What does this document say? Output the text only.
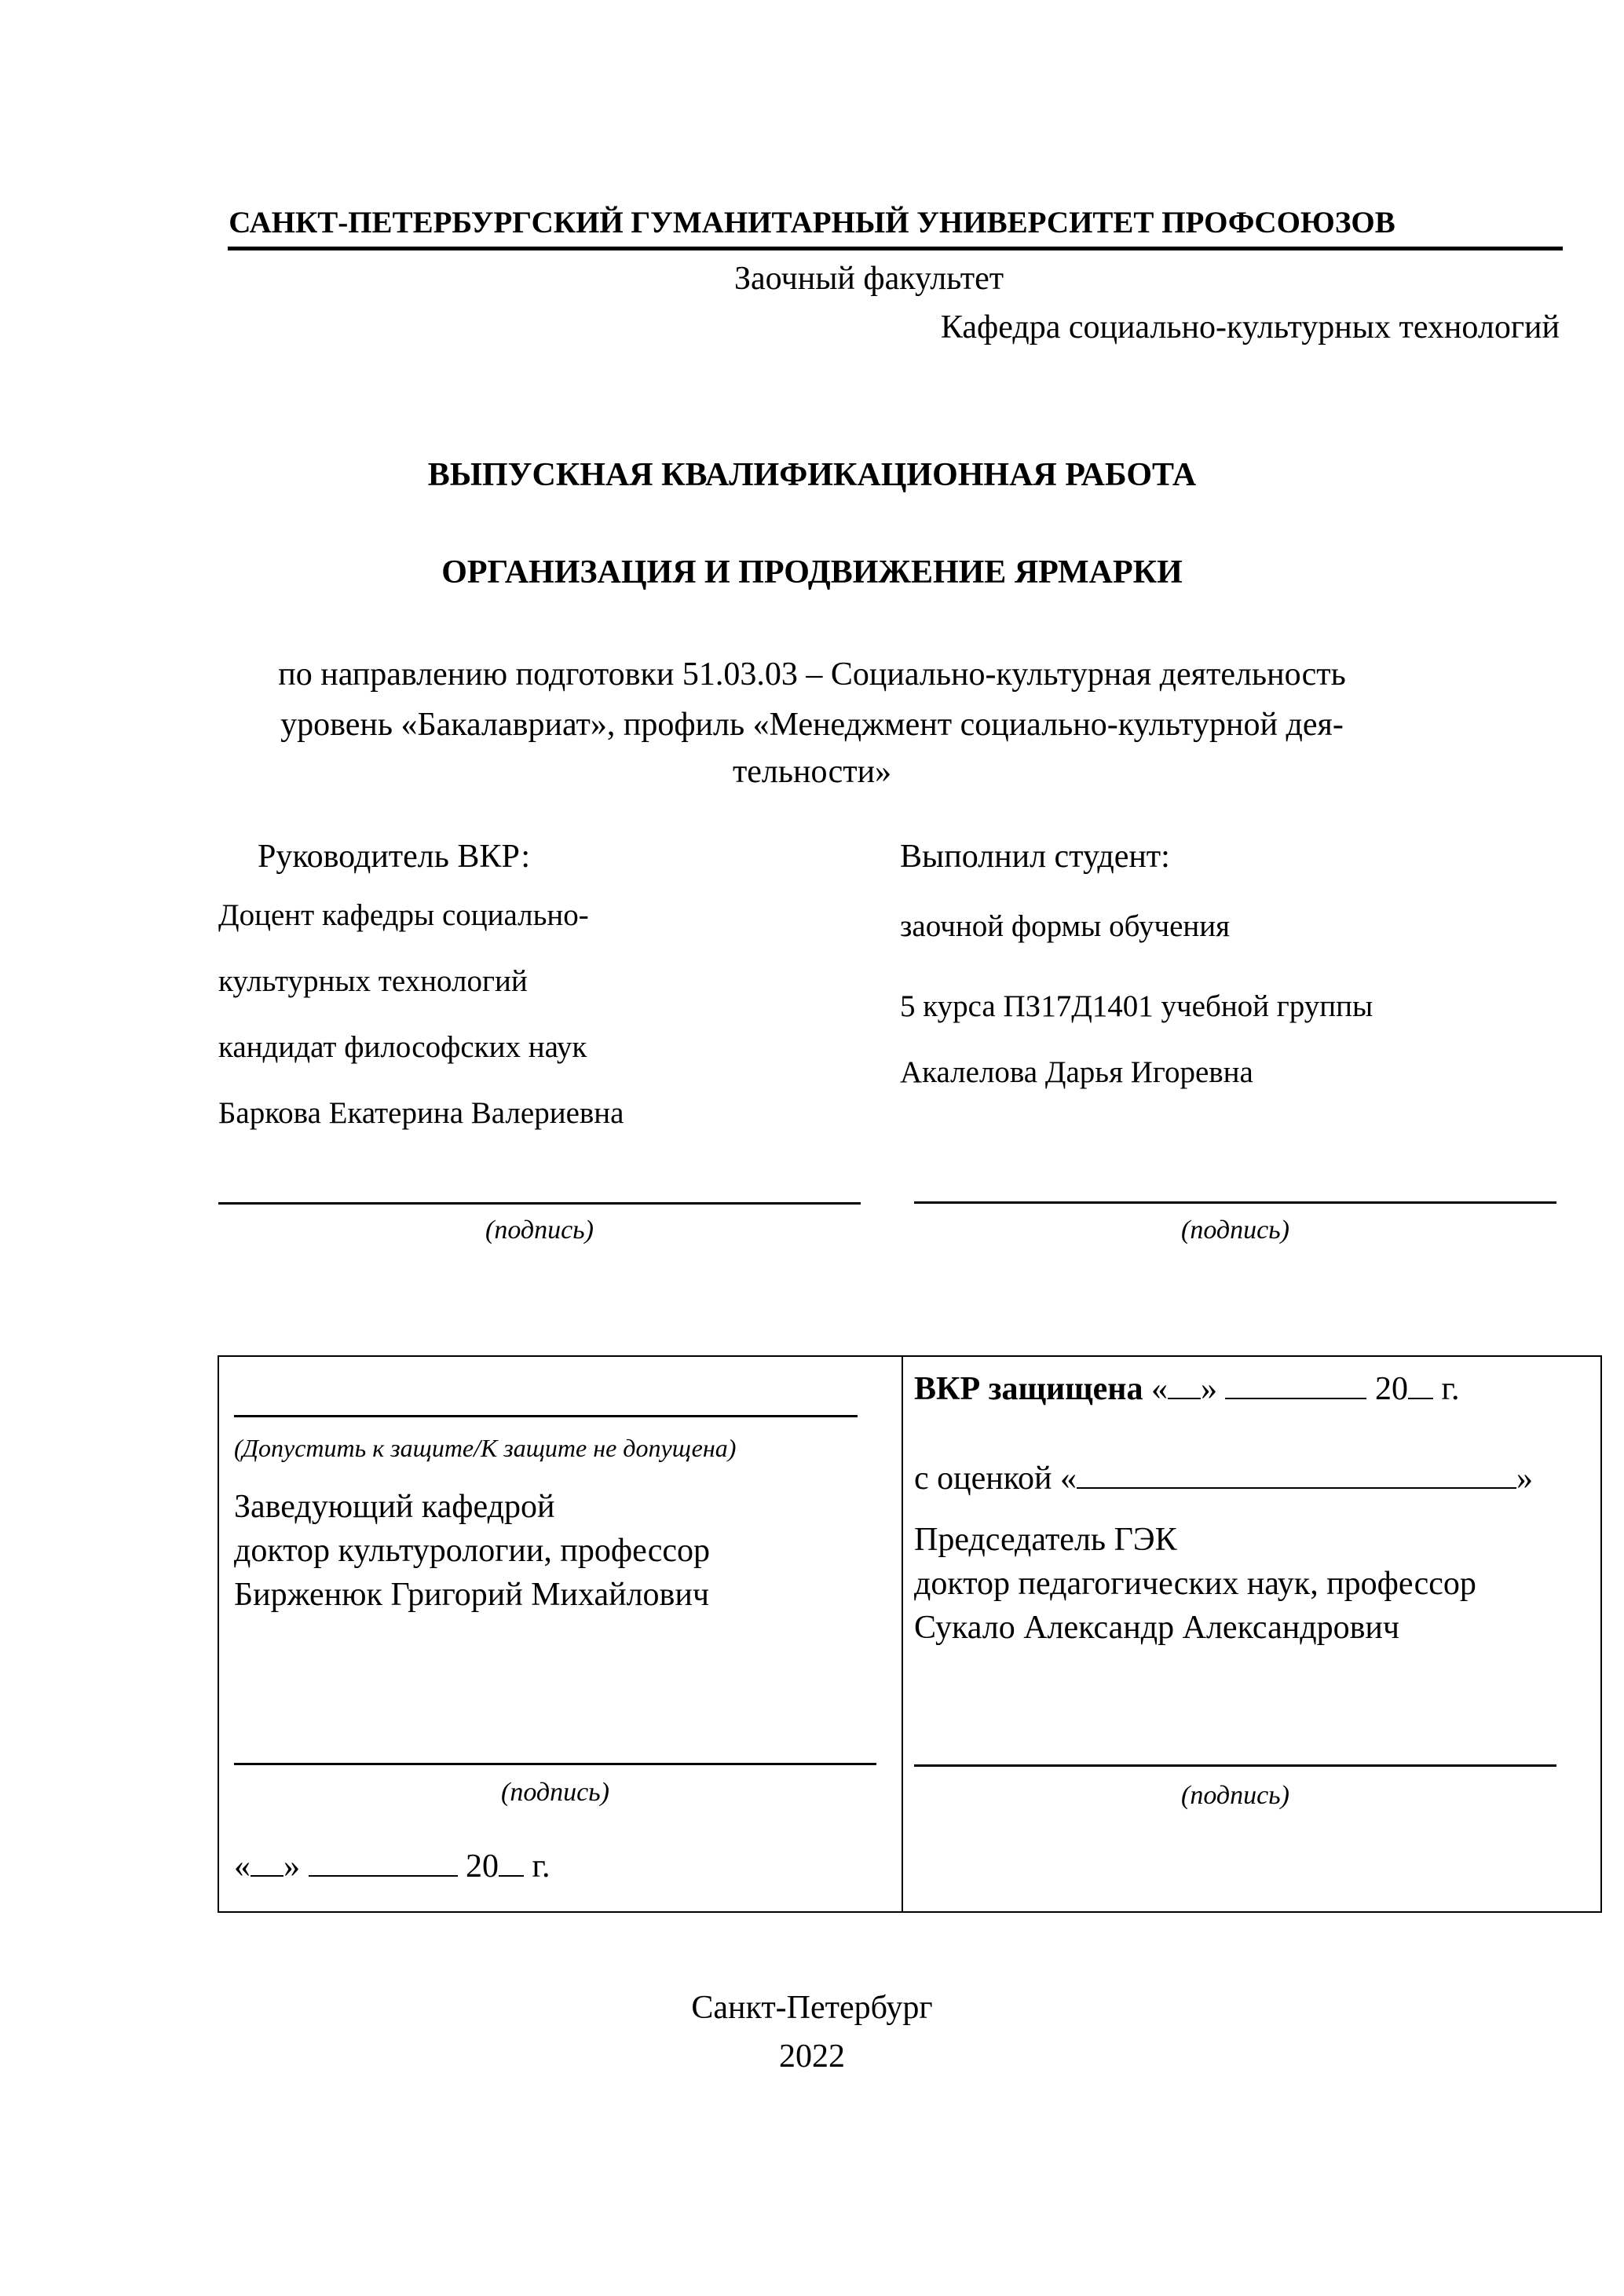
САНКТ-ПЕТЕРБУРГСКИЙ ГУМАНИТАРНЫЙ УНИВЕРСИТЕТ ПРОФСОЮЗОВ
Заочный факультет
Кафедра социально-культурных технологий
ВЫПУСКНАЯ КВАЛИФИКАЦИОННАЯ РАБОТА
ОРГАНИЗАЦИЯ И ПРОДВИЖЕНИЕ ЯРМАРКИ
по направлению подготовки 51.03.03 – Социально-культурная деятельность
уровень «Бакалавриат», профиль «Менеджмент социально-культурной дея-
тельности»
Руководитель ВКР:
Доцент кафедры социально-
культурных технологий
кандидат философских наук
Баркова Екатерина Валериевна
(подпись)
Выполнил студент:
заочной формы обучения
5 курса ПЗ17Д1401 учебной группы
Акалелова Дарья Игоревна
(подпись)
(Допустить к защите/К защите не допущена)
Заведующий кафедрой
доктор культурологии, профессор
Бирженюк Григорий Михайлович
(подпись)
« »	20 г.
ВКР защищена « »	20 г.
с оценкой «	»
Председатель ГЭК
доктор педагогических наук, профессор
Сукало Александр Александрович
(подпись)
Санкт-Петербург
2022
